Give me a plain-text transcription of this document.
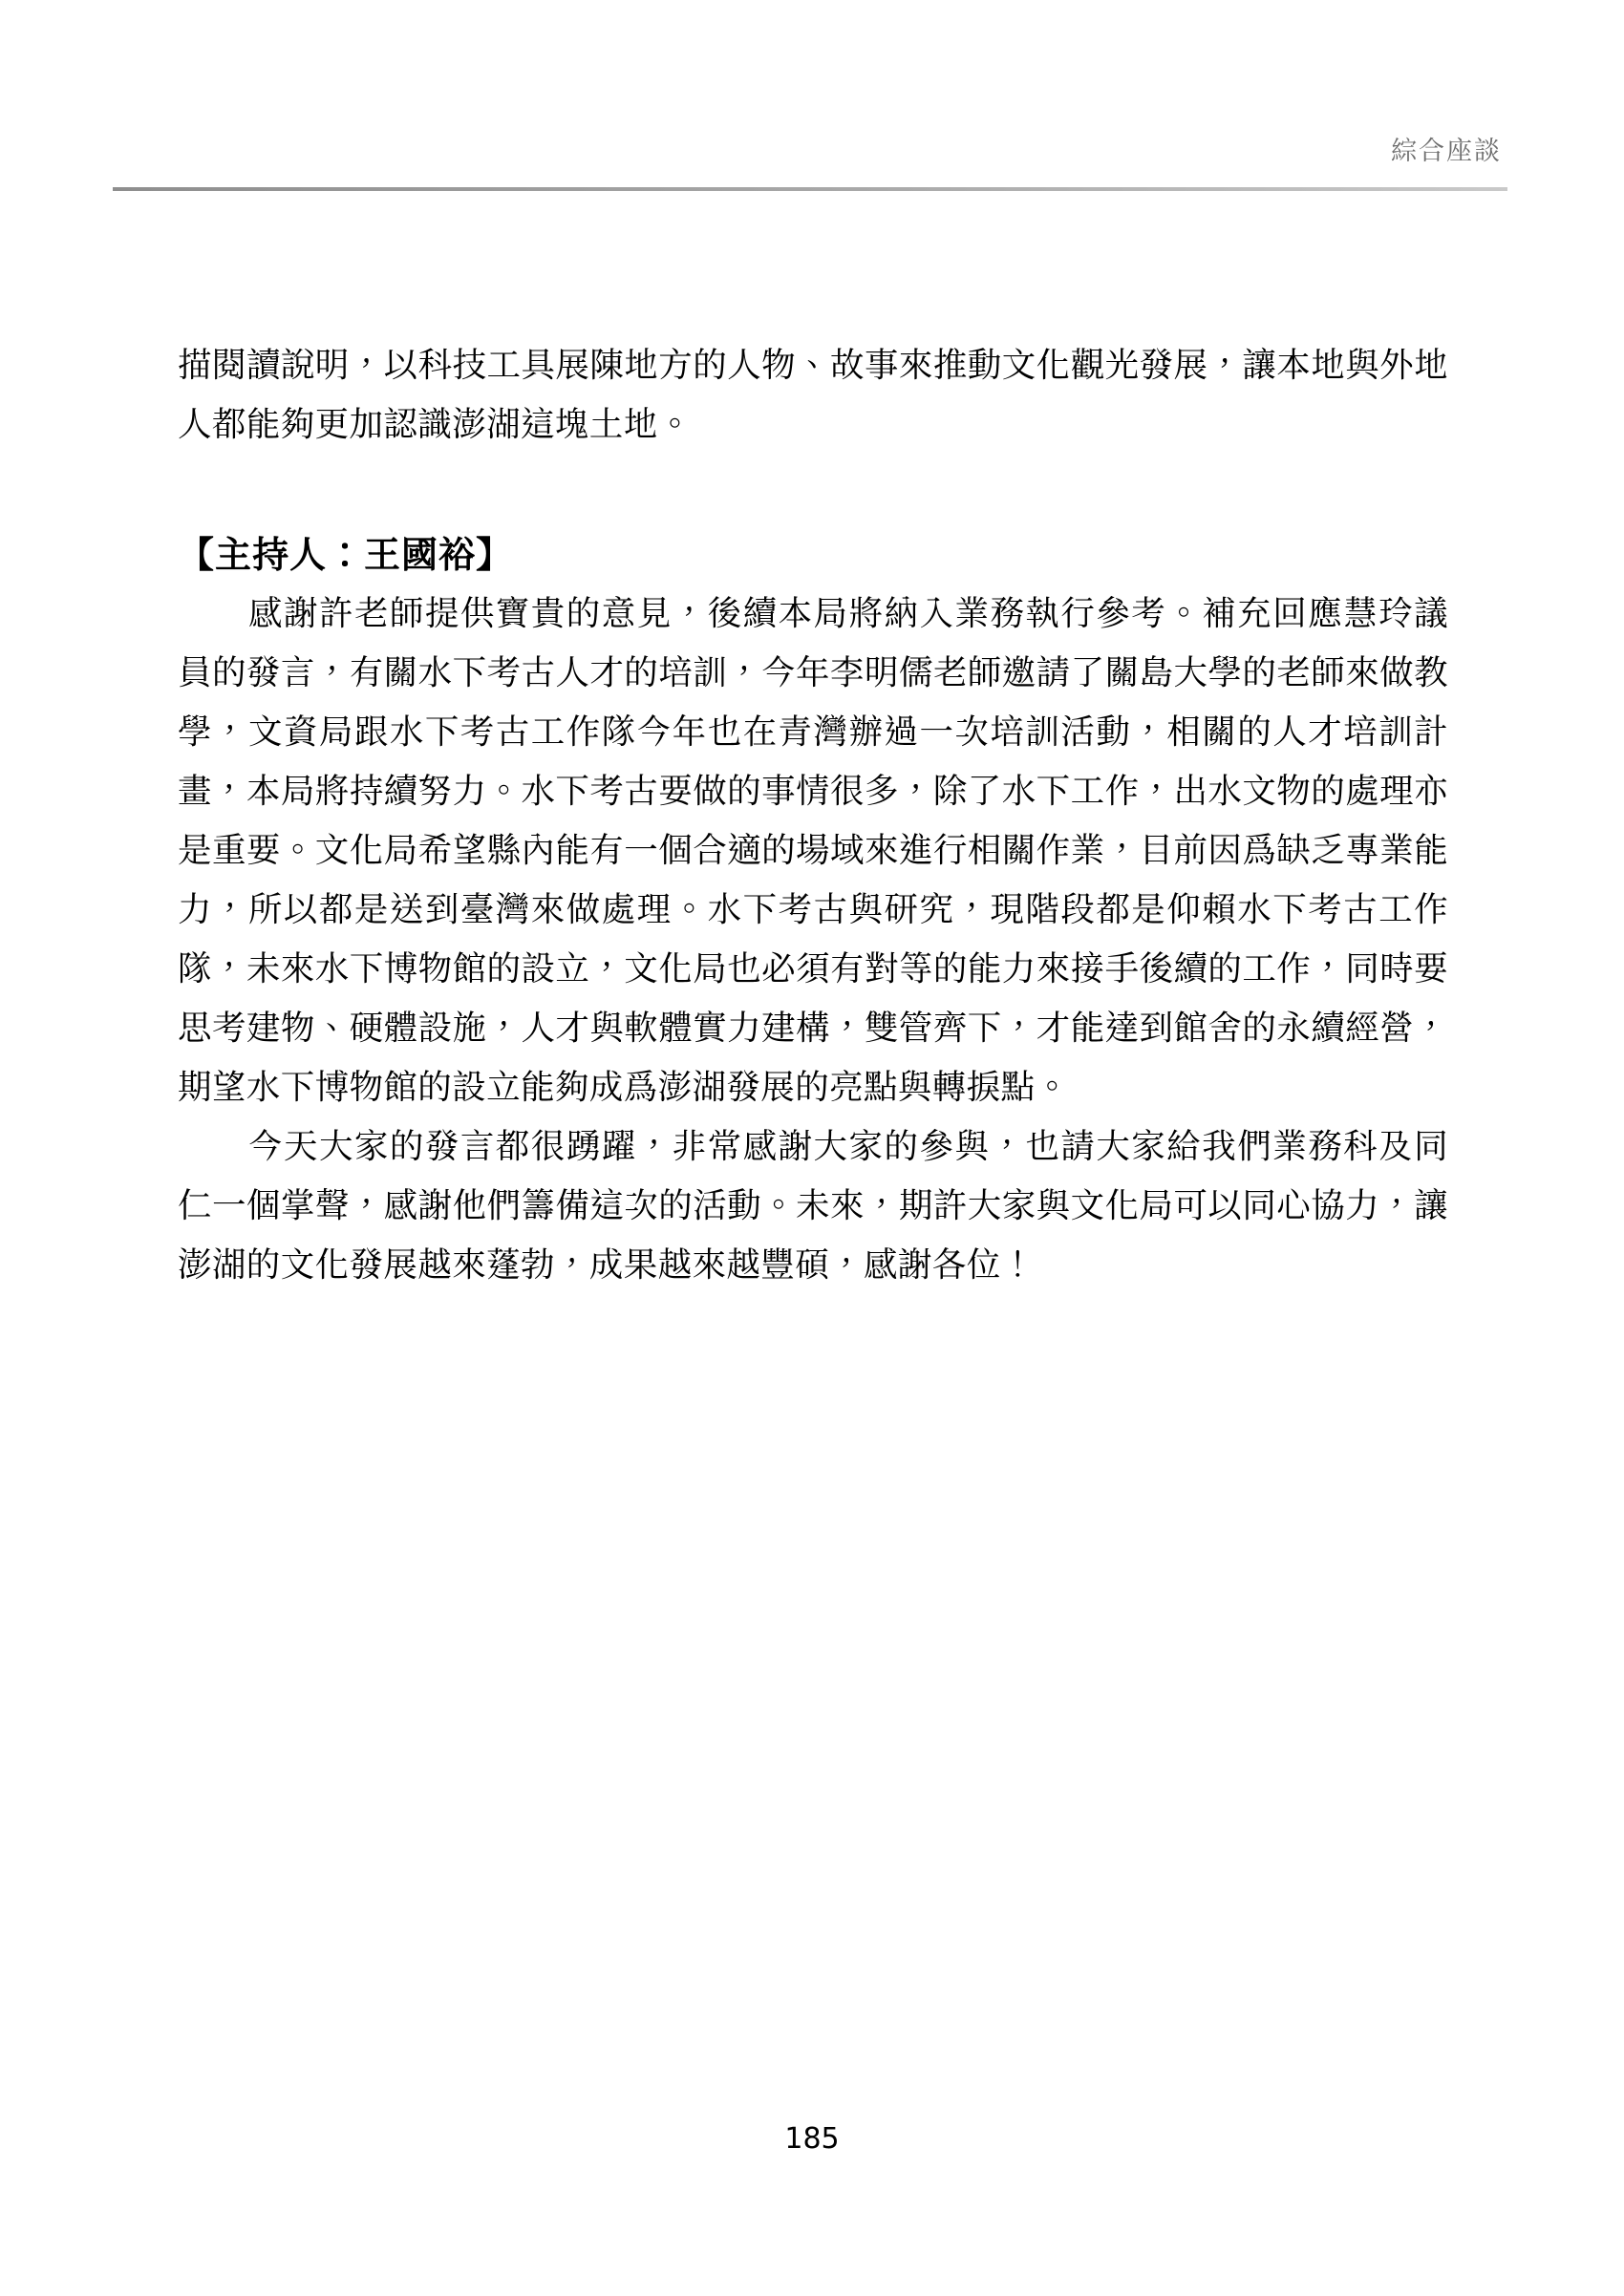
綜合座談

描閱讀說明，以科技工具展陳地方的人物、故事來推動文化觀光發展，讓本地與外地人都能夠更加認識澎湖這塊土地。

【主持人：王國裕】

感謝許老師提供寶貴的意見，後續本局將納入業務執行參考。補充回應慧玲議員的發言，有關水下考古人才的培訓，今年李明儒老師邀請了關島大學的老師來做教學，文資局跟水下考古工作隊今年也在青灣辦過一次培訓活動，相關的人才培訓計畫，本局將持續努力。水下考古要做的事情很多，除了水下工作，出水文物的處理亦是重要。文化局希望縣內能有一個合適的場域來進行相關作業，目前因爲缺乏專業能力，所以都是送到臺灣來做處理。水下考古與研究，現階段都是仰賴水下考古工作隊，未來水下博物館的設立，文化局也必須有對等的能力來接手後續的工作，同時要思考建物、硬體設施，人才與軟體實力建構，雙管齊下，才能達到館舍的永續經營，期望水下博物館的設立能夠成爲澎湖發展的亮點與轉捩點。

今天大家的發言都很踴躍，非常感謝大家的參與，也請大家給我們業務科及同仁一個掌聲，感謝他們籌備這次的活動。未來，期許大家與文化局可以同心協力，讓澎湖的文化發展越來蓬勃，成果越來越豐碩，感謝各位！

185
